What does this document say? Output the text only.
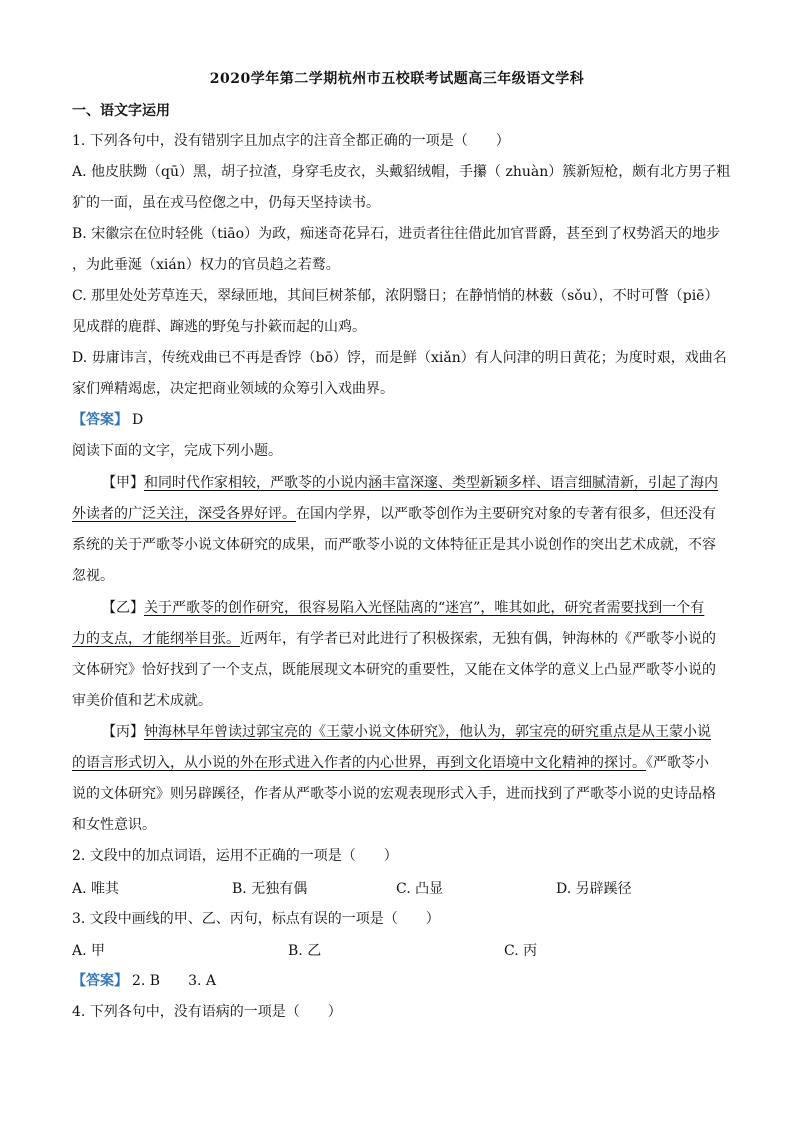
2020学年第二学期杭州市五校联考试题高三年级语文学科
一、语文字运用
1. 下列各句中，没有错别字且加点字的注音全都正确的一项是（　　）
A. 他皮肤黝（qū）黑，胡子拉渣，身穿毛皮衣，头戴貂绒帽，手攥（ zhuàn）簇新短枪，颇有北方男子粗
犷的一面，虽在戎马倥偬之中，仍每天坚持读书。
B. 宋徽宗在位时轻佻（tiāo）为政，痴迷奇花异石，进贡者往往借此加官晋爵，甚至到了权势滔天的地步
，为此垂涎（xián）权力的官员趋之若鹜。
C. 那里处处芳草连天，翠绿匝地，其间巨树茶郁，浓阴翳日；在静悄悄的林薮（sǒu），不时可瞥（piē）
见成群的鹿群、蹿逃的野兔与扑簌而起的山鸡。
D. 毋庸讳言，传统戏曲已不再是香饽（bō）饽，而是鲜（xiǎn）有人问津的明日黄花；为度时艰，戏曲名
家们殚精竭虑，决定把商业领域的众筹引入戏曲界。
【答案】 D
阅读下面的文字，完成下列小题。
【甲】和同时代作家相较，严歌苓的小说内涵丰富深邃、类型新颖多样、语言细腻清新，引起了海内
外读者的广泛关注，深受各界好评。在国内学界，以严歌苓创作为主要研究对象的专著有很多，但还没有
系统的关于严歌苓小说文体研究的成果，而严歌苓小说的文体特征正是其小说创作的突出艺术成就，不容
忽视。
【乙】关于严歌苓的创作研究，很容易陷入光怪陆离的“迷宫”，唯其如此，研究者需要找到一个有
力的支点，才能纲举目张。近两年，有学者已对此进行了积极探索，无独有偶，钟海林的《严歌苓小说的
文体研究》恰好找到了一个支点，既能展现文本研究的重要性，又能在文体学的意义上凸显严歌苓小说的
审美价值和艺术成就。
【丙】钟海林早年曾读过郭宝亮的《王蒙小说文体研究》，他认为，郭宝亮的研究重点是从王蒙小说
的语言形式切入，从小说的外在形式进入作者的内心世界，再到文化语境中文化精神的探讨。《严歌苓小
说的文体研究》则另辟蹊径，作者从严歌苓小说的宏观表现形式入手，进而找到了严歌苓小说的史诗品格
和女性意识。
2. 文段中的加点词语，运用不正确的一项是（　　）
A. 唯其	B. 无独有偶	C. 凸显	D. 另辟蹊径
3. 文段中画线的甲、乙、丙句，标点有误的一项是（　　）
A. 甲	B. 乙	C. 丙
【答案】 2. B　　3. A
4. 下列各句中，没有语病的一项是（　　）
